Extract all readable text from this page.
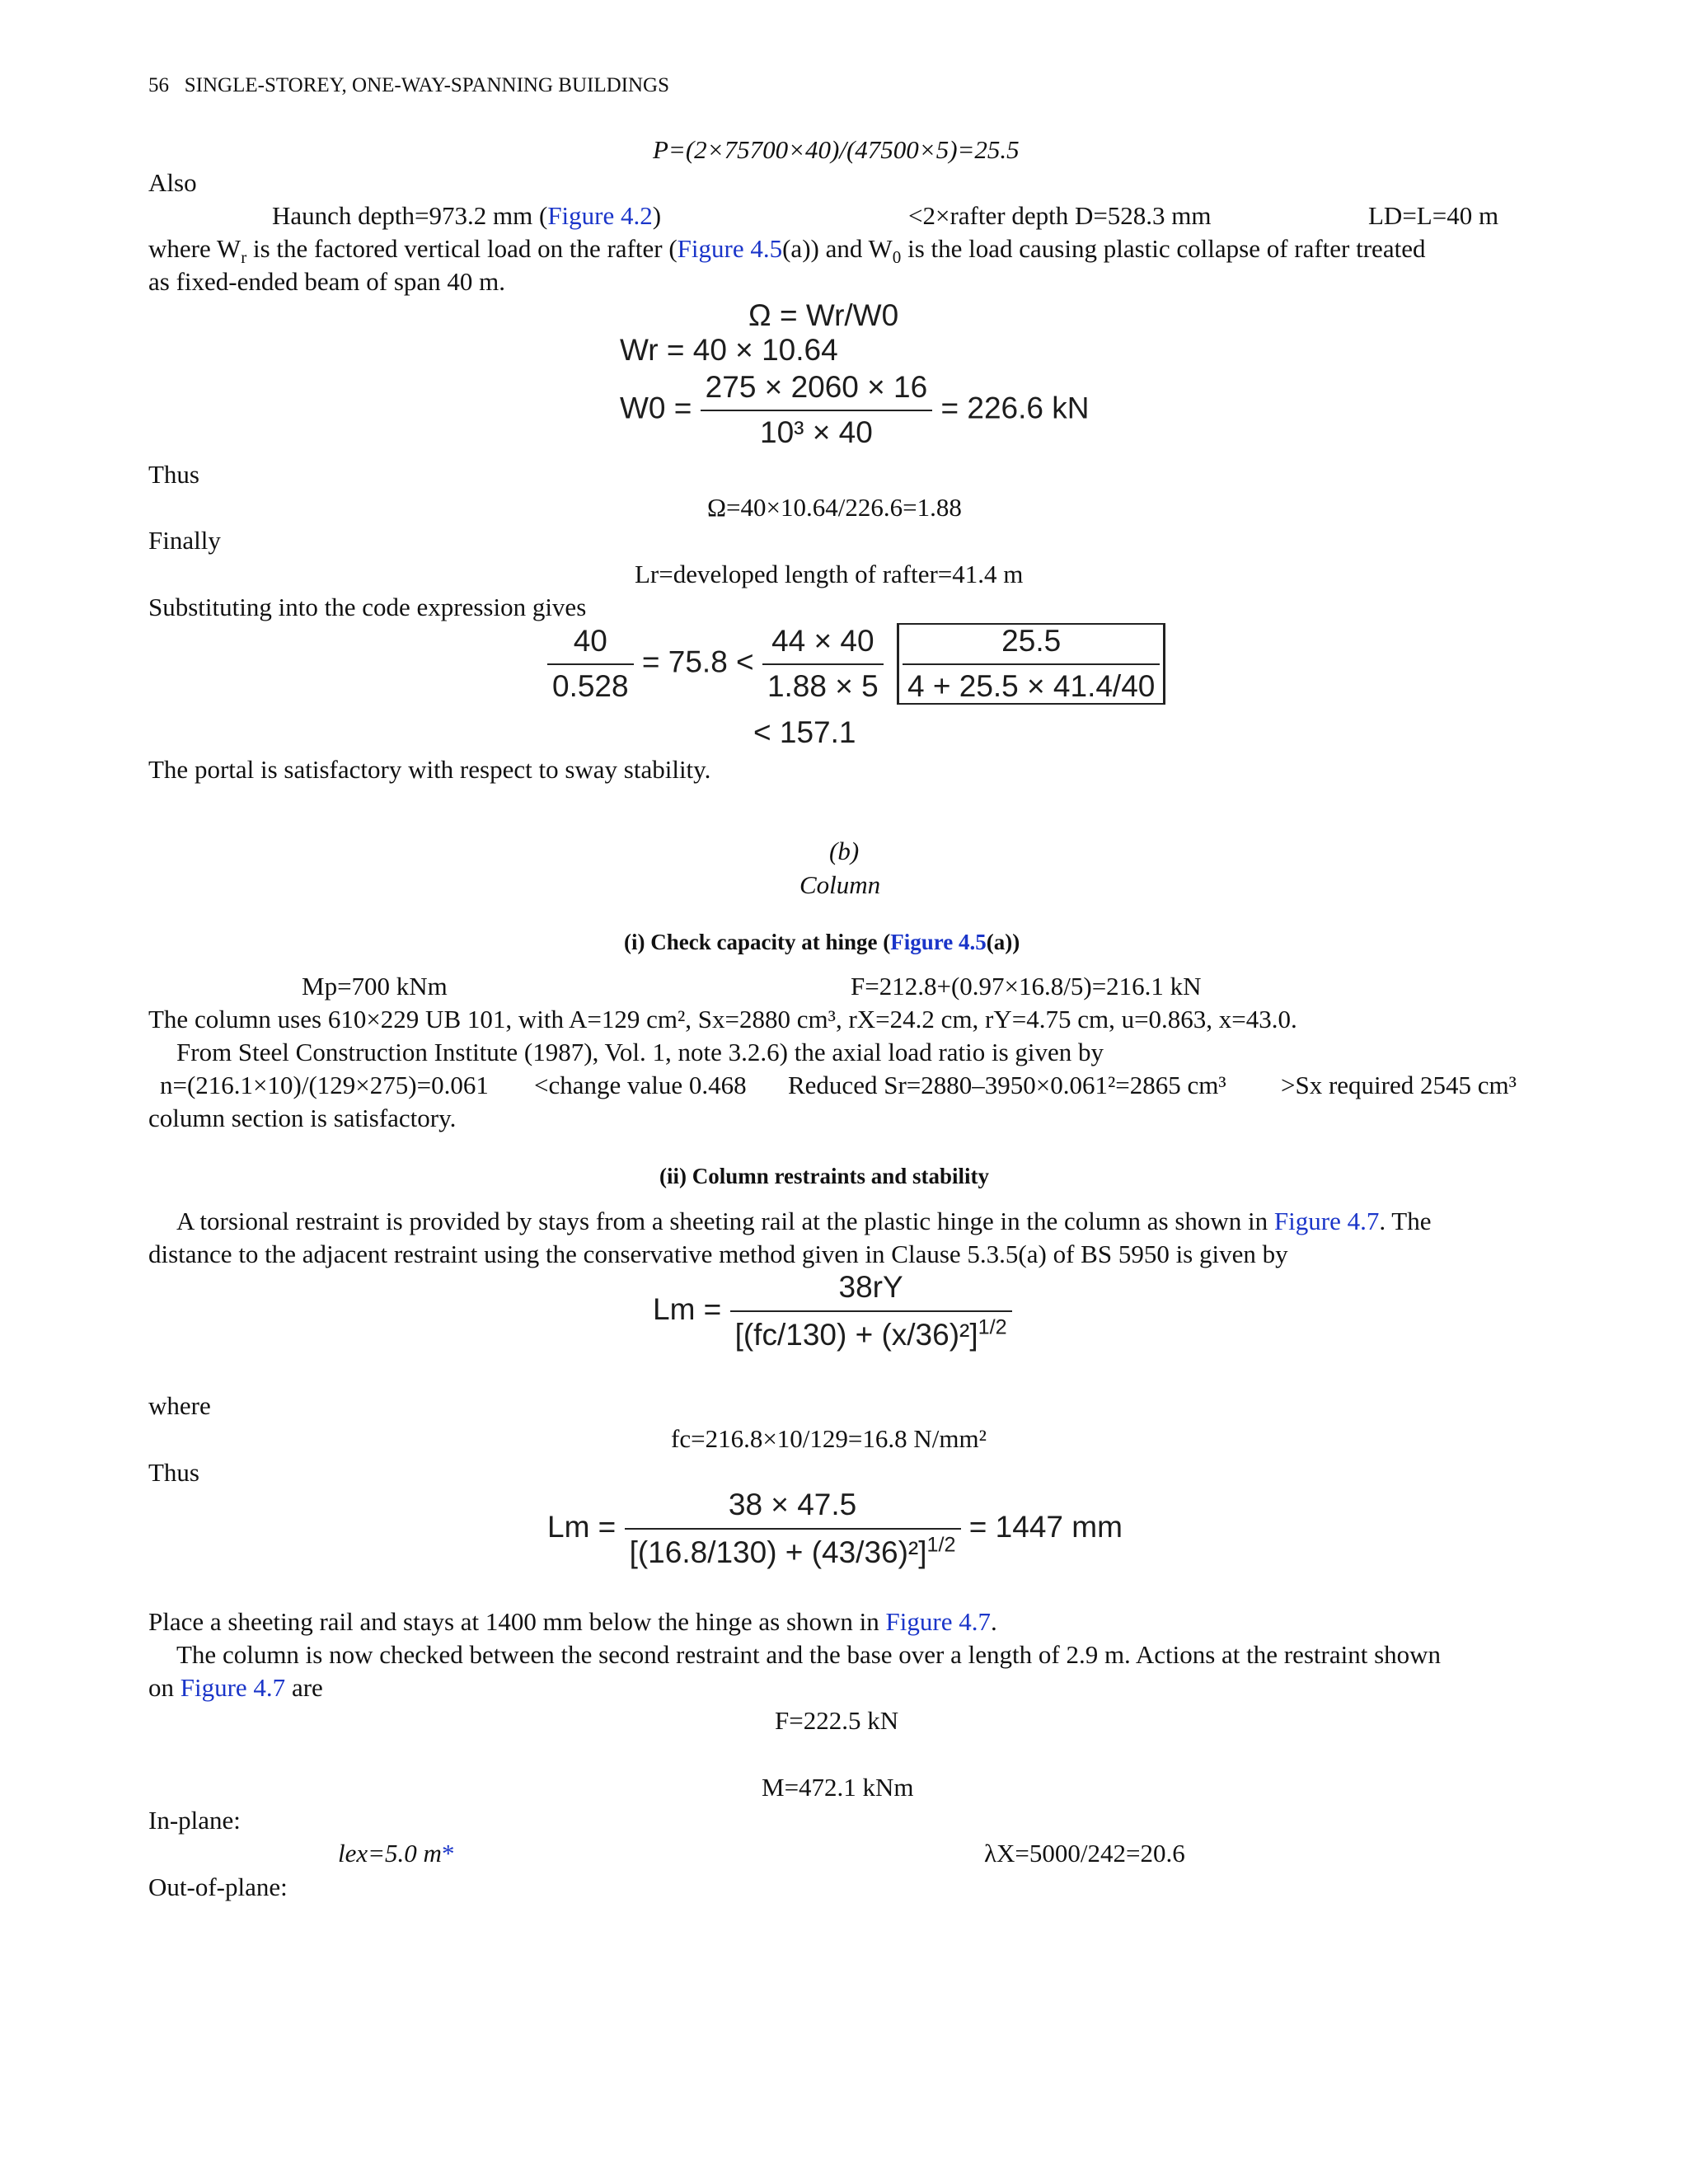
56 SINGLE-STOREY, ONE-WAY-SPANNING BUILDINGS
P=(2×75700×40)/(47500×5)=25.5
Also
Haunch depth=973.2 mm (Figure 4.2)	<2×rafter depth D=528.3 mm	LD=L=40 m
where $W_r$ is the factored vertical load on the rafter (Figure 4.5(a)) and $W_0$ is the load causing plastic collapse of rafter treated
as fixed-ended beam of span 40 m.
Ω = Wr/W0
Wr = 40 × 10.64
$W0 = \frac{275 \times 2060 \times 16}{\text{10³ × 40}} = 226.6$ kN
Thus
Ω=40×10.64/226.6=1.88
Finally
Lr=developed length of rafter=41.4 m
Substituting into the code expression gives
$\frac{40}{0.528} = 75.8 < \frac{44 \times 40}{1.88 \times 5}$
$\frac{25.5}{4 + 25.5 \times 41.4/40}$
< 157.1
The portal is satisfactory with respect to sway stability.
(b)
Column
(i) Check capacity at hinge (Figure 4.5(a))
Mp=700 kNm	F=212.8+(0.97×16.8/5)=216.1 kN
The column uses 610×229 UB 101, with A=129 cm², Sx=2880 cm³, rX=24.2 cm, rY=4.75 cm, u=0.863, x=43.0.
From Steel Construction Institute (1987), Vol. 1, note 3.2.6) the axial load ratio is given by
n=(216.1×10)/(129×275)=0.061 <change value 0.468 Reduced Sr=2880–3950×0.061²=2865 cm³ >Sx required 2545 cm³
column section is satisfactory.
(ii) Column restraints and stability
A torsional restraint is provided by stays from a sheeting rail at the plastic hinge in the column as shown in Figure 4.7. The
distance to the adjacent restraint using the conservative method given in Clause 5.3.5(a) of BS 5950 is given by
$Lm = \frac{38rY}{[(fc/130) + (x/36)^2]^{1/2}}$
where
fc=216.8×10/129=16.8 N/mm²
Thus
$Lm = \frac{38 \times 47.5}{[(16.8/130) + (43/36)^2]^{1/2}} = 1447$ mm
Place a sheeting rail and stays at 1400 mm below the hinge as shown in Figure 4.7.
The column is now checked between the second restraint and the base over a length of 2.9 m. Actions at the restraint shown
on Figure 4.7 are
F=222.5 kN
M=472.1 kNm
In-plane:
lex=5.0 m*	λX=5000/242=20.6
Out-of-plane:
